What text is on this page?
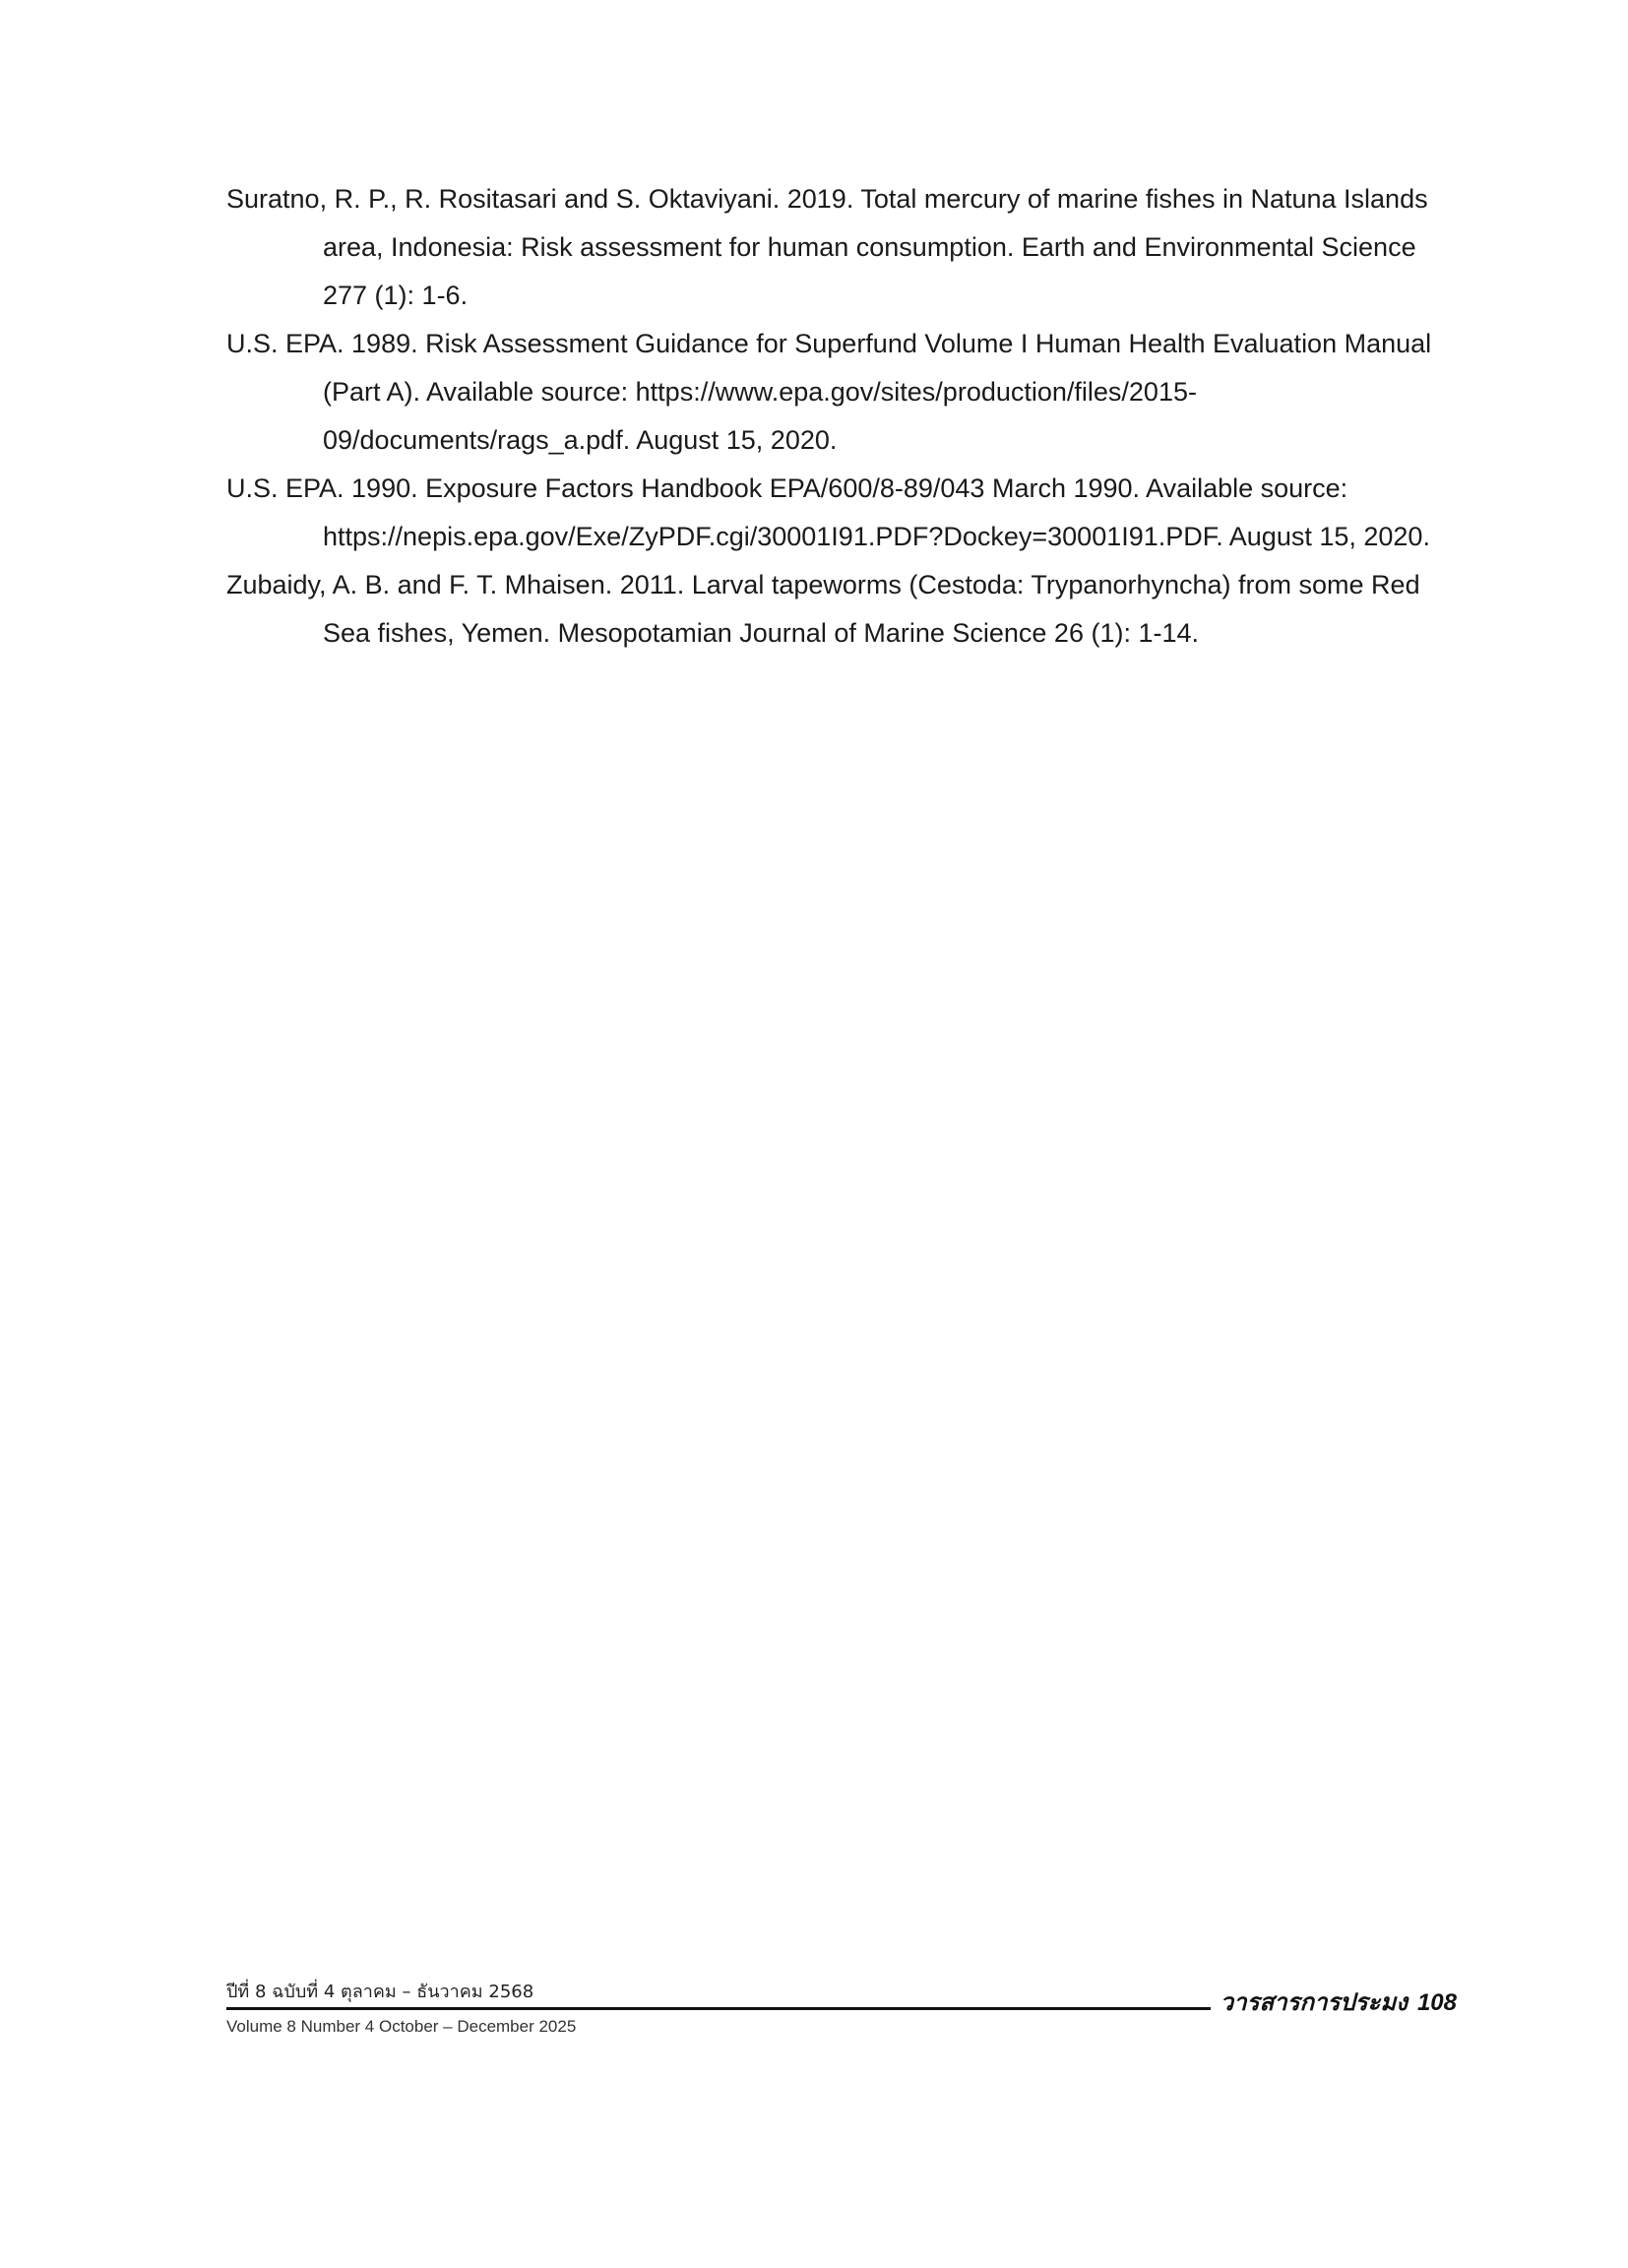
Suratno, R. P., R. Rositasari and S. Oktaviyani. 2019. Total mercury of marine fishes in Natuna Islands area, Indonesia: Risk assessment for human consumption. Earth and Environmental Science 277 (1): 1-6.

U.S. EPA. 1989. Risk Assessment Guidance for Superfund Volume I Human Health Evaluation Manual (Part A). Available source: https://www.epa.gov/sites/production/files/2015-09/documents/rags_a.pdf. August 15, 2020.

U.S. EPA. 1990. Exposure Factors Handbook EPA/600/8-89/043 March 1990. Available source: https://nepis.epa.gov/Exe/ZyPDF.cgi/30001I91.PDF?Dockey=30001I91.PDF. August 15, 2020.

Zubaidy, A. B. and F. T. Mhaisen. 2011. Larval tapeworms (Cestoda: Trypanorhyncha) from some Red Sea fishes, Yemen. Mesopotamian Journal of Marine Science 26 (1): 1-14.

ปีที่ 8 ฉบับที่ 4 ตุลาคม – ธันวาคม 2568
Volume 8 Number 4 October – December 2025
วารสารการประมง 108
